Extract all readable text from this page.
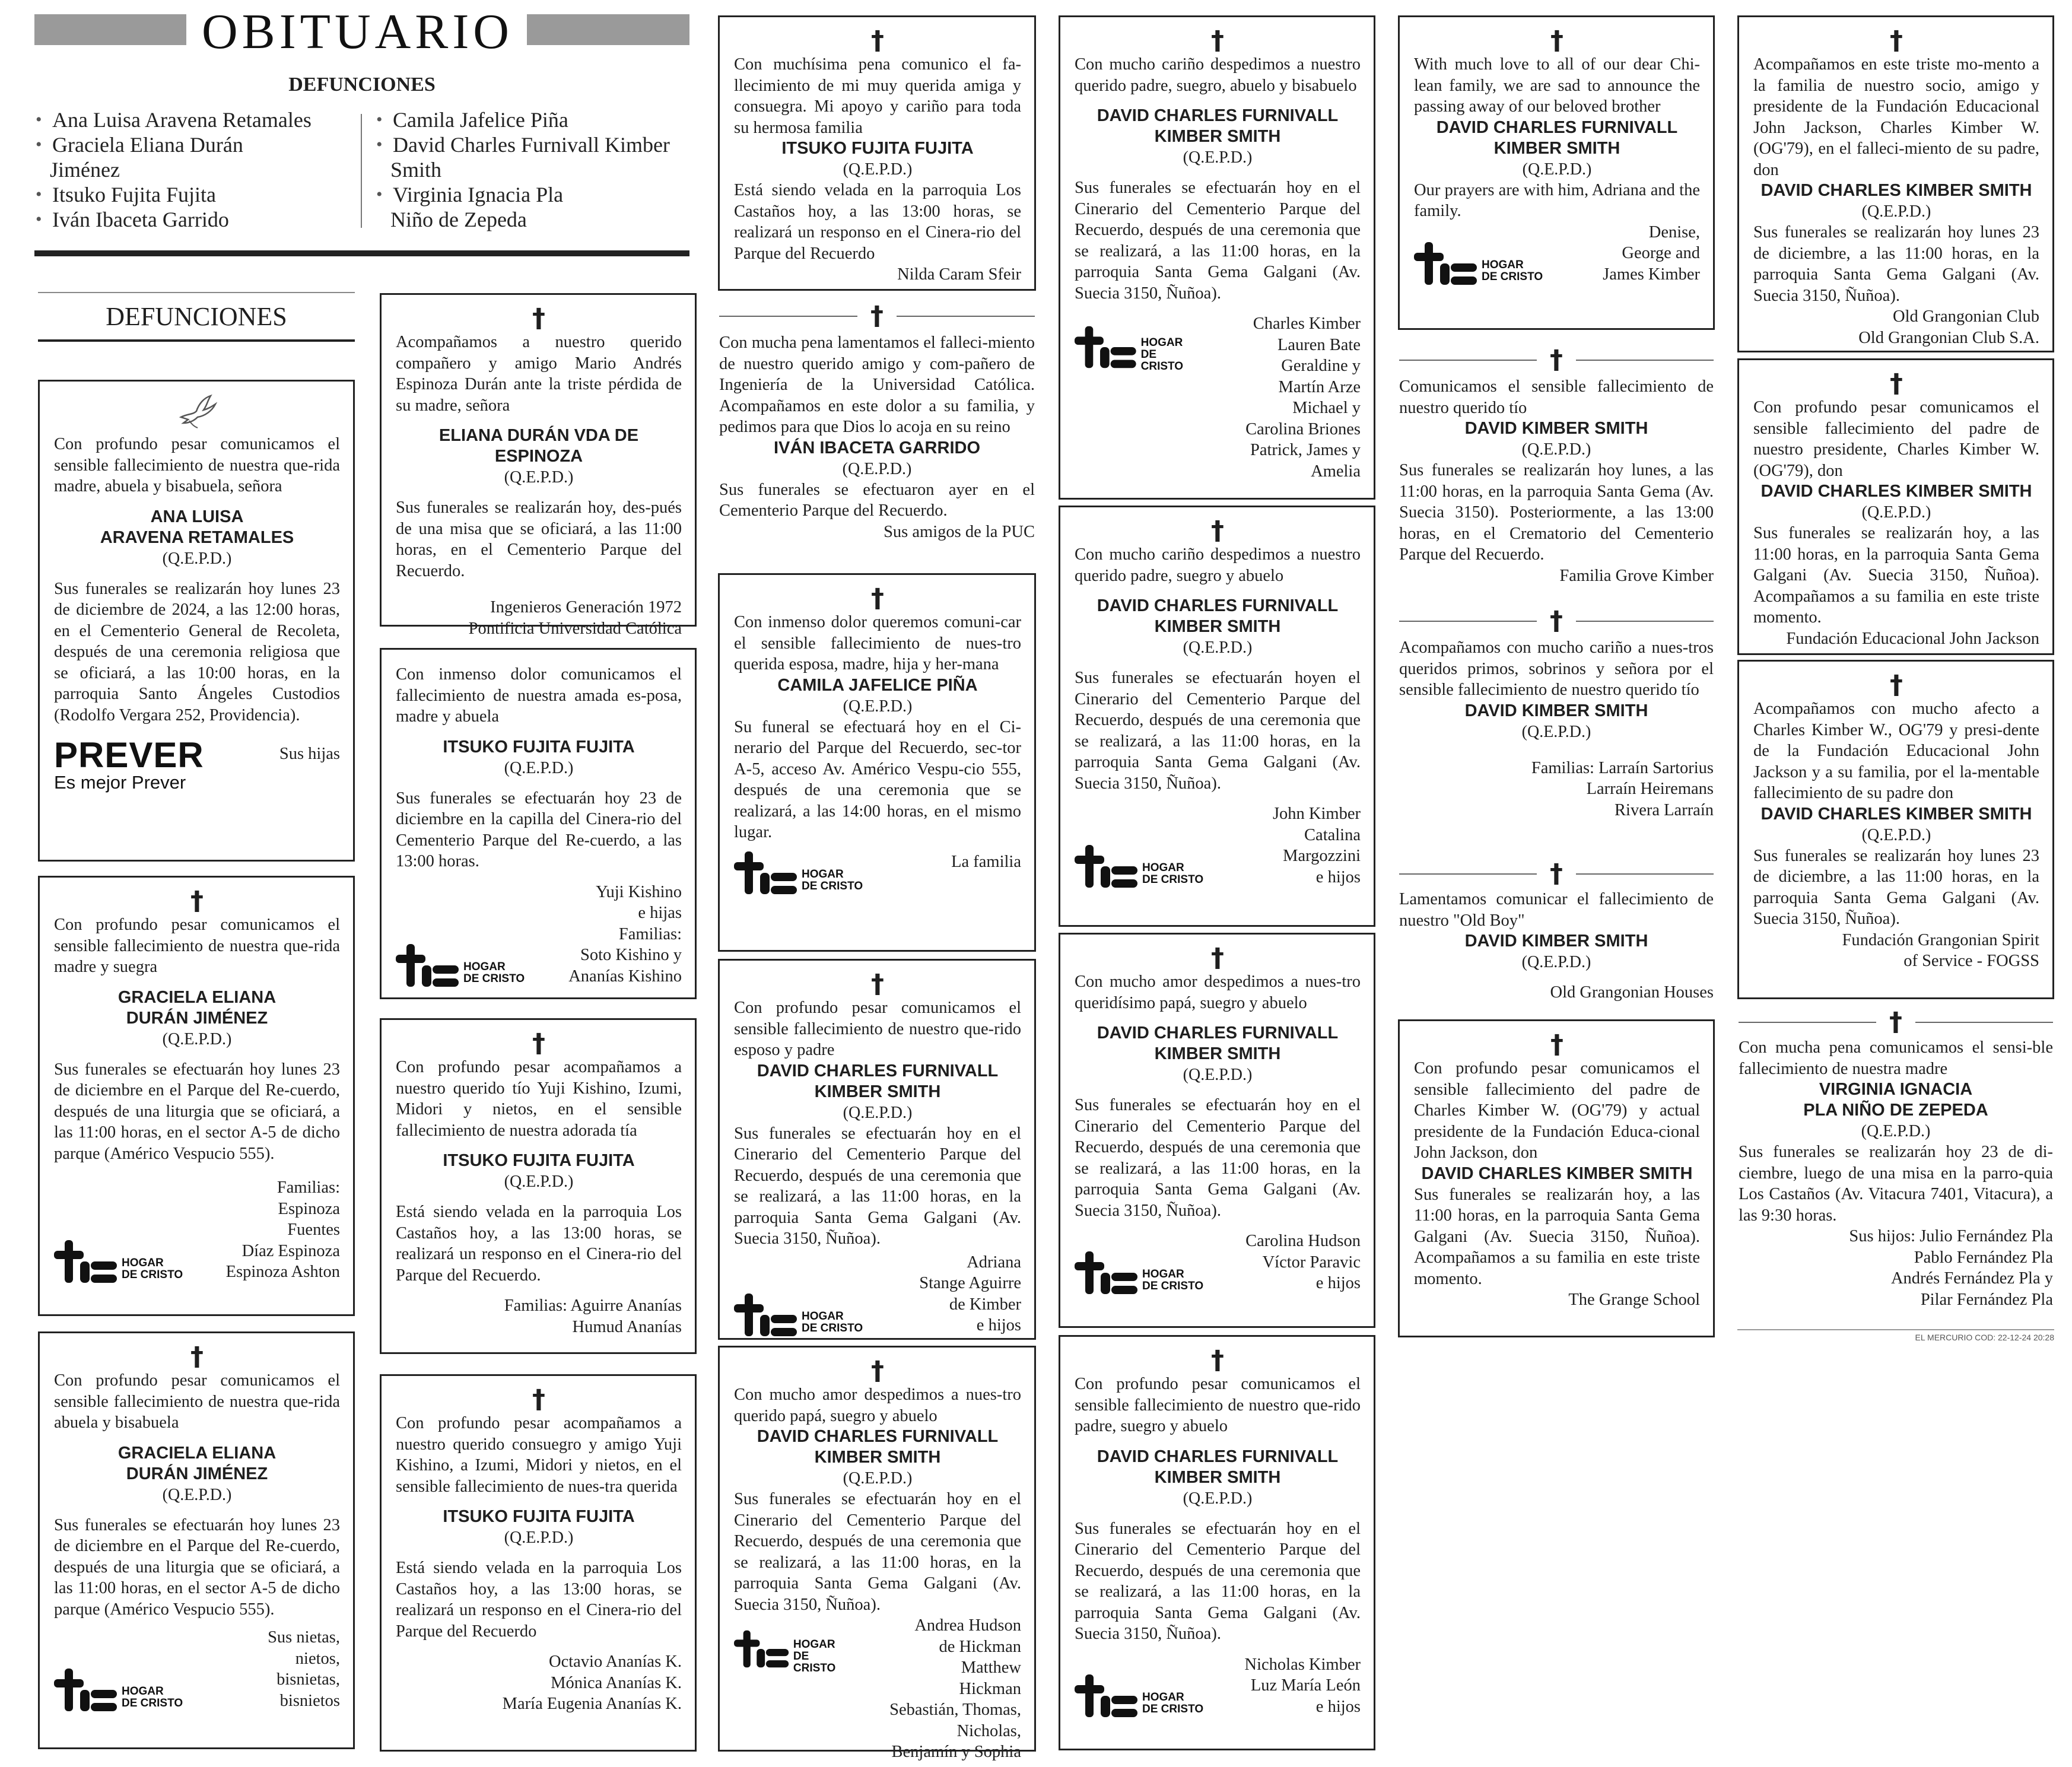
OBITUARIO
DEFUNCIONES
• Ana Luisa Aravena Retamales
• Graciela Eliana Durán
Jiménez
• Itsuko Fujita Fujita
• Iván Ibaceta Garrido
• Camila Jafelice Piña
• David Charles Furnivall Kimber
Smith
• Virginia Ignacia Pla
Niño de Zepeda
DEFUNCIONES
Con profundo pesar comunicamos el sensible fallecimiento de nuestra que-rida madre, abuela y bisabuela, señora
ANA LUISA
ARAVENA RETAMALES
(Q.E.P.D.)
Sus funerales se realizarán hoy lunes 23 de diciembre de 2024, a las 12:00 horas, en el Cementerio General de Recoleta, después de una ceremonia religiosa que se oficiará, a las 10:00 horas, en la parroquia Santo Ángeles Custodios (Rodolfo Vergara 252, Providencia).
PREVER
Es mejor Prever
Sus hijas
†
Con profundo pesar comunicamos el sensible fallecimiento de nuestra que-rida madre y suegra
GRACIELA ELIANA
DURÁN JIMÉNEZ
(Q.E.P.D.)
Sus funerales se efectuarán hoy lunes 23 de diciembre en el Parque del Re-cuerdo, después de una liturgia que se oficiará, a las 11:00 horas, en el sector A-5 de dicho parque (Américo Vespucio 555).
HOGAR
DE CRISTO
Familias:
Espinoza
Fuentes
Díaz Espinoza
Espinoza Ashton
†
Con profundo pesar comunicamos el sensible fallecimiento de nuestra que-rida abuela y bisabuela
GRACIELA ELIANA
DURÁN JIMÉNEZ
(Q.E.P.D.)
Sus funerales se efectuarán hoy lunes 23 de diciembre en el Parque del Re-cuerdo, después de una liturgia que se oficiará, a las 11:00 horas, en el sector A-5 de dicho parque (Américo Vespucio 555).
HOGAR
DE CRISTO
Sus nietas,
nietos,
bisnietas,
bisnietos
†
Acompañamos a nuestro querido compañero y amigo Mario Andrés Espinoza Durán ante la triste pérdida de su madre, señora
ELIANA DURÁN VDA DE ESPINOZA
(Q.E.P.D.)
Sus funerales se realizarán hoy, des-pués de una misa que se oficiará, a las 11:00 horas, en el Cementerio Parque del Recuerdo.
Ingenieros Generación 1972
Pontificia Universidad Católica
Con inmenso dolor comunicamos el fallecimiento de nuestra amada es-posa, madre y abuela
ITSUKO FUJITA FUJITA
(Q.E.P.D.)
Sus funerales se efectuarán hoy 23 de diciembre en la capilla del Cinera-rio del Cementerio Parque del Re-cuerdo, a las 13:00 horas.
HOGAR
DE CRISTO
Yuji Kishino
e hijas
Familias:
Soto Kishino y
Ananías Kishino
†
Con profundo pesar acompañamos a nuestro querido tío Yuji Kishino, Izumi, Midori y nietos, en el sensible fallecimiento de nuestra adorada tía
ITSUKO FUJITA FUJITA
(Q.E.P.D.)
Está siendo velada en la parroquia Los Castaños hoy, a las 13:00 horas, se realizará un responso en el Cinera-rio del Parque del Recuerdo.
Familias: Aguirre Ananías
Humud Ananías
†
Con profundo pesar acompañamos a nuestro querido consuegro y amigo Yuji Kishino, a Izumi, Midori y nietos, en el sensible fallecimiento de nues-tra querida
ITSUKO FUJITA FUJITA
(Q.E.P.D.)
Está siendo velada en la parroquia Los Castaños hoy, a las 13:00 horas, se realizará un responso en el Cinera-rio del Parque del Recuerdo
Octavio Ananías K.
Mónica Ananías K.
María Eugenia Ananías K.
†
Con muchísima pena comunico el fa-llecimiento de mi muy querida amiga y consuegra. Mi apoyo y cariño para toda su hermosa familia
ITSUKO FUJITA FUJITA
(Q.E.P.D.)
Está siendo velada en la parroquia Los Castaños hoy, a las 13:00 horas, se realizará un responso en el Cinera-rio del Parque del Recuerdo
Nilda Caram Sfeir
†
Con mucha pena lamentamos el falleci-miento de nuestro querido amigo y com-pañero de Ingeniería de la Universidad Católica. Acompañamos en este dolor a su familia, y pedimos para que Dios lo acoja en su reino
IVÁN IBACETA GARRIDO
(Q.E.P.D.)
Sus funerales se efectuaron ayer en el Cementerio Parque del Recuerdo.
Sus amigos de la PUC
†
Con inmenso dolor queremos comuni-car el sensible fallecimiento de nues-tro querida esposa, madre, hija y her-mana
CAMILA JAFELICE PIÑA
(Q.E.P.D.)
Su funeral se efectuará hoy en el Ci-nerario del Parque del Recuerdo, sec-tor A-5, acceso Av. Américo Vespu-cio 555, después de una ceremonia que se realizará, a las 14:00 horas, en el mismo lugar.
HOGAR
DE CRISTO
La familia
†
Con profundo pesar comunicamos el sensible fallecimiento de nuestro que-rido esposo y padre
DAVID CHARLES FURNIVALL
KIMBER SMITH
(Q.E.P.D.)
Sus funerales se efectuarán hoy en el Cinerario del Cementerio Parque del Recuerdo, después de una ceremonia que se realizará, a las 11:00 horas, en la parroquia Santa Gema Galgani (Av. Suecia 3150, Ñuñoa).
HOGAR
DE CRISTO
Adriana
Stange Aguirre
de Kimber
e hijos
†
Con mucho amor despedimos a nues-tro querido papá, suegro y abuelo
DAVID CHARLES FURNIVALL
KIMBER SMITH
(Q.E.P.D.)
Sus funerales se efectuarán hoy en el Cinerario del Cementerio Parque del Recuerdo, después de una ceremonia que se realizará, a las 11:00 horas, en la parroquia Santa Gema Galgani (Av. Suecia 3150, Ñuñoa).
HOGAR
DE CRISTO
Andrea Hudson
de Hickman
Matthew
Hickman
Sebastián, Thomas, Nicholas,
Benjamín y Sophia
†
Con mucho cariño despedimos a nuestro querido padre, suegro, abuelo y bisabuelo
DAVID CHARLES FURNIVALL
KIMBER SMITH
(Q.E.P.D.)
Sus funerales se efectuarán hoy en el Cinerario del Cementerio Parque del Recuerdo, después de una ceremonia que se realizará, a las 11:00 horas, en la parroquia Santa Gema Galgani (Av. Suecia 3150, Ñuñoa).
HOGAR
DE CRISTO
Charles Kimber
Lauren Bate
Geraldine y
Martín Arze
Michael y
Carolina Briones
Patrick, James y Amelia
†
Con mucho cariño despedimos a nuestro querido padre, suegro y abuelo
DAVID CHARLES FURNIVALL
KIMBER SMITH
(Q.E.P.D.)
Sus funerales se efectuarán hoyen el Cinerario del Cementerio Parque del Recuerdo, después de una ceremonia que se realizará, a las 11:00 horas, en la parroquia Santa Gema Galgani (Av. Suecia 3150, Ñuñoa).
HOGAR
DE CRISTO
John Kimber
Catalina
Margozzini
e hijos
†
Con mucho amor despedimos a nues-tro queridísimo papá, suegro y abuelo
DAVID CHARLES FURNIVALL
KIMBER SMITH
(Q.E.P.D.)
Sus funerales se efectuarán hoy en el Cinerario del Cementerio Parque del Recuerdo, después de una ceremonia que se realizará, a las 11:00 horas, en la parroquia Santa Gema Galgani (Av. Suecia 3150, Ñuñoa).
HOGAR
DE CRISTO
Carolina Hudson
Víctor Paravic
e hijos
†
Con profundo pesar comunicamos el sensible fallecimiento de nuestro que-rido padre, suegro y abuelo
DAVID CHARLES FURNIVALL
KIMBER SMITH
(Q.E.P.D.)
Sus funerales se efectuarán hoy en el Cinerario del Cementerio Parque del Recuerdo, después de una ceremonia que se realizará, a las 11:00 horas, en la parroquia Santa Gema Galgani (Av. Suecia 3150, Ñuñoa).
HOGAR
DE CRISTO
Nicholas Kimber
Luz María León
e hijos
†
With much love to all of our dear Chi-lean family, we are sad to announce the passing away of our beloved brother
DAVID CHARLES FURNIVALL
KIMBER SMITH
(Q.E.P.D.)
Our prayers are with him, Adriana and the family.
HOGAR
DE CRISTO
Denise,
George and
James Kimber
†
Comunicamos el sensible fallecimiento de nuestro querido tío
DAVID KIMBER SMITH
(Q.E.P.D.)
Sus funerales se realizarán hoy lunes, a las 11:00 horas, en la parroquia Santa Gema (Av. Suecia 3150). Posteriormente, a las 13:00 horas, en el Crematorio del Cementerio Parque del Recuerdo.
Familia Grove Kimber
†
Acompañamos con mucho cariño a nues-tros queridos primos, sobrinos y señora por el sensible fallecimiento de nuestro querido tío
DAVID KIMBER SMITH
(Q.E.P.D.)
Familias: Larraín Sartorius
Larraín Heiremans
Rivera Larraín
†
Lamentamos comunicar el fallecimiento de nuestro "Old Boy"
DAVID KIMBER SMITH
(Q.E.P.D.)
Old Grangonian Houses
†
Con profundo pesar comunicamos el sensible fallecimiento del padre de Charles Kimber W. (OG'79) y actual presidente de la Fundación Educa-cional John Jackson, don
DAVID CHARLES KIMBER SMITH
Sus funerales se realizarán hoy, a las 11:00 horas, en la parroquia Santa Gema Galgani (Av. Suecia 3150, Ñuñoa). Acompañamos a su familia en este triste momento.
The Grange School
†
Acompañamos en este triste mo-mento a la familia de nuestro socio, amigo y presidente de la Fundación Educacional John Jackson, Charles Kimber W. (OG'79), en el falleci-miento de su padre, don
DAVID CHARLES KIMBER SMITH
(Q.E.P.D.)
Sus funerales se realizarán hoy lunes 23 de diciembre, a las 11:00 horas, en la parroquia Santa Gema Galgani (Av. Suecia 3150, Ñuñoa).
Old Grangonian Club
Old Grangonian Club S.A.
†
Con profundo pesar comunicamos el sensible fallecimiento del padre de nuestro presidente, Charles Kimber W. (OG'79), don
DAVID CHARLES KIMBER SMITH
(Q.E.P.D.)
Sus funerales se realizarán hoy, a las 11:00 horas, en la parroquia Santa Gema Galgani (Av. Suecia 3150, Ñuñoa). Acompañamos a su familia en este triste momento.
Fundación Educacional John Jackson
†
Acompañamos con mucho afecto a Charles Kimber W., OG'79 y presi-dente de la Fundación Educacional John Jackson y a su familia, por el la-mentable fallecimiento de su padre don
DAVID CHARLES KIMBER SMITH
(Q.E.P.D.)
Sus funerales se realizarán hoy lunes 23 de diciembre, a las 11:00 horas, en la parroquia Santa Gema Galgani (Av. Suecia 3150, Ñuñoa).
Fundación Grangonian Spirit
of Service - FOGSS
†
Con mucha pena comunicamos el sensi-ble fallecimiento de nuestra madre
VIRGINIA IGNACIA
PLA NIÑO DE ZEPEDA
(Q.E.P.D.)
Sus funerales se realizarán hoy 23 de di-ciembre, luego de una misa en la parro-quia Los Castaños (Av. Vitacura 7401, Vitacura), a las 9:30 horas.
Sus hijos: Julio Fernández Pla
Pablo Fernández Pla
Andrés Fernández Pla y
Pilar Fernández Pla
EL MERCURIO COD: 22-12-24 20:28
